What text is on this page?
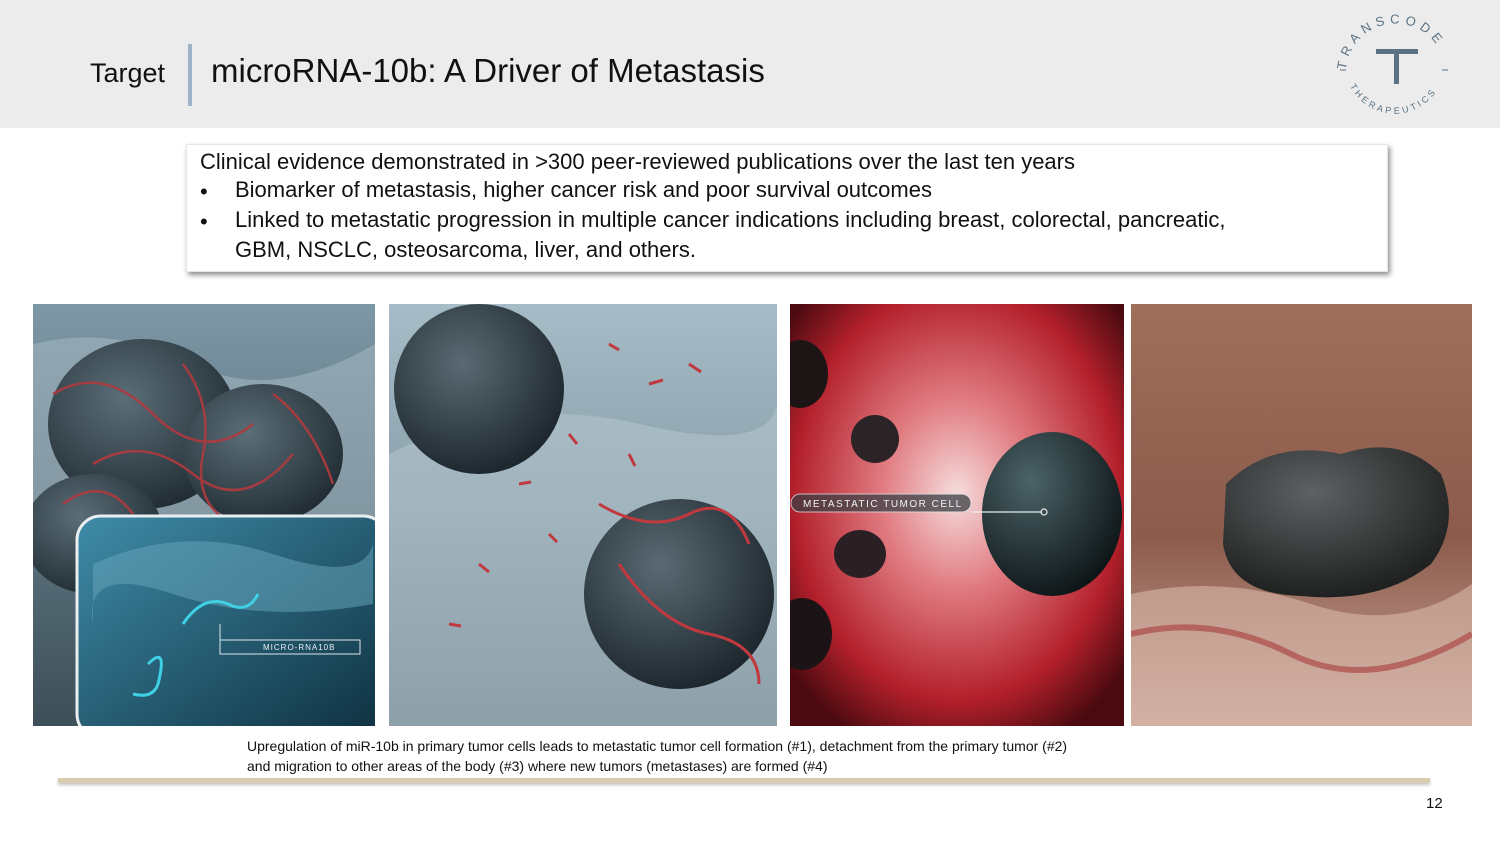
Target microRNA-10b: A Driver of Metastasis	TRANSCODE
THERAPEUTICS
Clinical evidence demonstrated in >300 peer-reviewed publications over the last ten years
• Biomarker of metastasis, higher cancer risk and poor survival outcomes
• Linked to metastatic progression in multiple cancer indications including breast, colorectal, pancreatic,
GBM, NSCLC, osteosarcoma, liver, and others.
MICRO-RNA10B
METASTATIC TUMOR CELL
Upregulation of miR-10b in primary tumor cells leads to metastatic tumor cell formation (#1), detachment from the primary tumor (#2)
and migration to other areas of the body (#3) where new tumors (metastases) are formed (#4)
12
